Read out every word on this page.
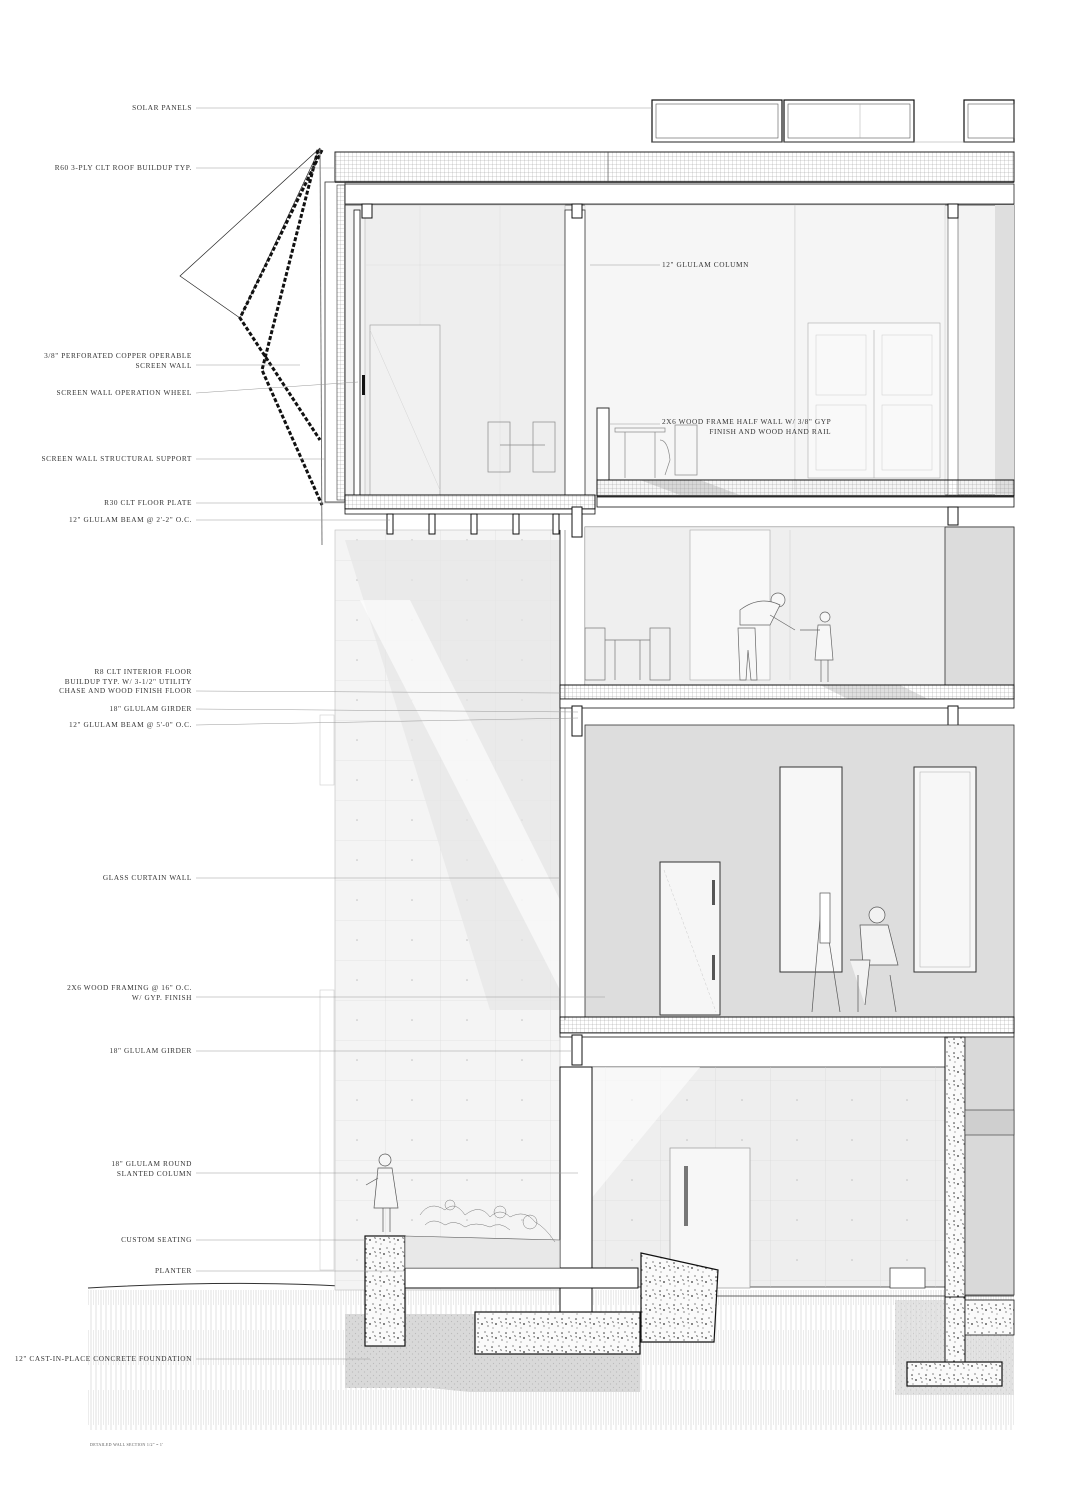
SOLAR PANELS
R60 3-PLY CLT ROOF BUILDUP TYP.
3/8" PERFORATED COPPER OPERABLE
SCREEN WALL
SCREEN WALL OPERATION WHEEL
SCREEN WALL STRUCTURAL SUPPORT
R30 CLT FLOOR PLATE
12" GLULAM BEAM @ 2'-2" O.C.
R8 CLT INTERIOR FLOOR
BUILDUP TYP. W/ 3-1/2" UTILITY
CHASE AND WOOD FINISH FLOOR
18" GLULAM GIRDER
12" GLULAM BEAM @ 5'-0" O.C.
GLASS CURTAIN WALL
2X6 WOOD FRAMING @ 16" O.C.
W/ GYP. FINISH
18" GLULAM GIRDER
18" GLULAM ROUND
SLANTED COLUMN
CUSTOM SEATING
PLANTER
12" CAST-IN-PLACE CONCRETE FOUNDATION
12" GLULAM COLUMN
2X6 WOOD FRAME HALF WALL W/ 3/8" GYP
FINISH AND WOOD HAND RAIL
DETAILED WALL SECTION 1/2" = 1'
